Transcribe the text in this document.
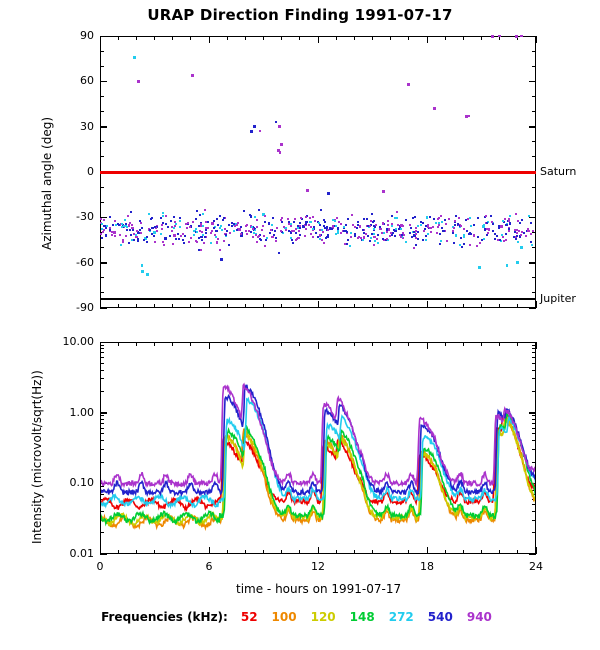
URAP Direction Finding 1991-07-17
-90
-60
-30
0
30
60
90
Saturn
Jupiter
Azimuthal angle (deg)
0.01
0.10
1.00
10.00
0	6	12	18	24
Intensity (microvolt/sqrt(Hz))
time - hours on 1991-07-17
Frequencies (kHz): 52 100 120 148 272 540 940
